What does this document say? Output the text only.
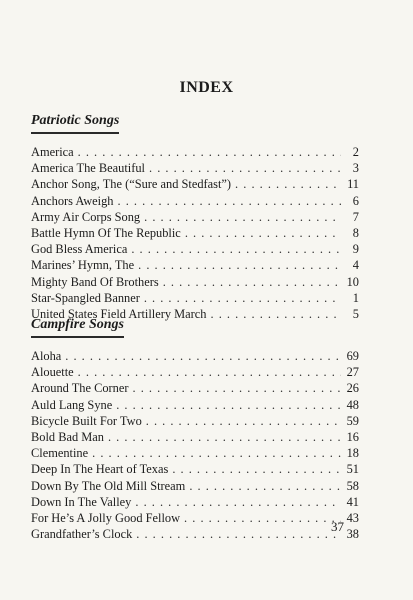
INDEX
Patriotic Songs
America . . .	2
America The Beautiful . . .	3
Anchor Song, The (“Sure and Stedfast”) . . .	11
Anchors Aweigh . . .	6
Army Air Corps Song . . .	7
Battle Hymn Of The Republic . . .	8
God Bless America . . .	9
Marines’ Hymn, The . . .	4
Mighty Band Of Brothers . . .	10
Star-Spangled Banner . . .	1
United States Field Artillery March . . .	5
Campfire Songs
Aloha . . .	69
Alouette . . .	27
Around The Corner . . .	26
Auld Lang Syne . . .	48
Bicycle Built For Two . . .	59
Bold Bad Man . . .	16
Clementine . . .	18
Deep In The Heart of Texas . . .	51
Down By The Old Mill Stream . . .	58
Down In The Valley . . .	41
For He’s A Jolly Good Fellow . . .	43
Grandfather’s Clock . . .	38
37
